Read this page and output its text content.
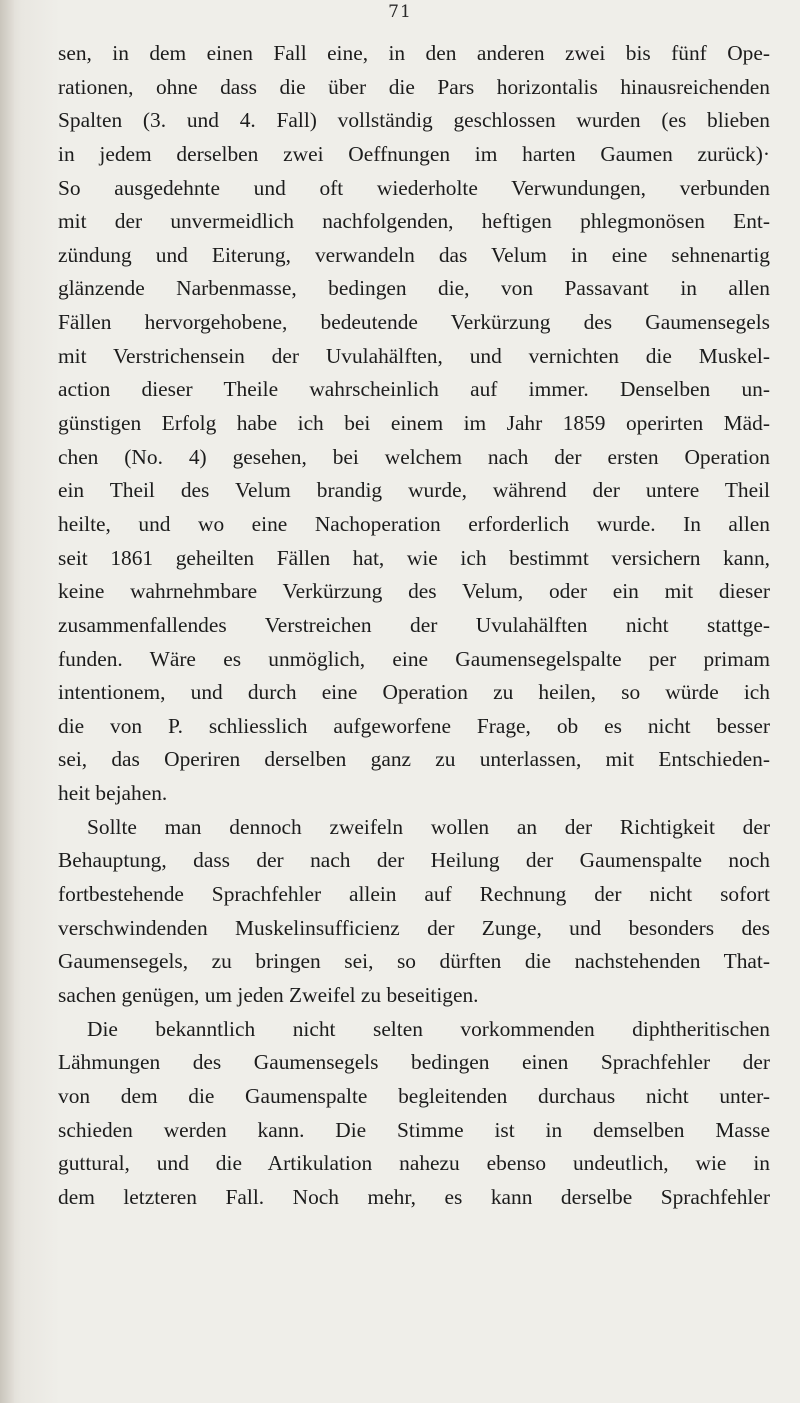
71
sen, in dem einen Fall eine, in den anderen zwei bis fünf Ope-
rationen, ohne dass die über die Pars horizontalis hinausreichenden
Spalten (3. und 4. Fall) vollständig geschlossen wurden (es blieben
in jedem derselben zwei Oeffnungen im harten Gaumen zurück)·
So ausgedehnte und oft wiederholte Verwundungen, verbunden
mit der unvermeidlich nachfolgenden, heftigen phlegmonösen Ent-
zündung und Eiterung, verwandeln das Velum in eine sehnenartig
glänzende Narbenmasse, bedingen die, von Passavant in allen
Fällen hervorgehobene, bedeutende Verkürzung des Gaumensegels
mit Verstrichensein der Uvulahälften, und vernichten die Muskel-
action dieser Theile wahrscheinlich auf immer. Denselben un-
günstigen Erfolg habe ich bei einem im Jahr 1859 operirten Mäd-
chen (No. 4) gesehen, bei welchem nach der ersten Operation
ein Theil des Velum brandig wurde, während der untere Theil
heilte, und wo eine Nachoperation erforderlich wurde. In allen
seit 1861 geheilten Fällen hat, wie ich bestimmt versichern kann,
keine wahrnehmbare Verkürzung des Velum, oder ein mit dieser
zusammenfallendes Verstreichen der Uvulahälften nicht stattge-
funden. Wäre es unmöglich, eine Gaumensegelspalte per primam
intentionem, und durch eine Operation zu heilen, so würde ich
die von P. schliesslich aufgeworfene Frage, ob es nicht besser
sei, das Operiren derselben ganz zu unterlassen, mit Entschieden-
heit bejahen.
Sollte man dennoch zweifeln wollen an der Richtigkeit der
Behauptung, dass der nach der Heilung der Gaumenspalte noch
fortbestehende Sprachfehler allein auf Rechnung der nicht sofort
verschwindenden Muskelinsufficienz der Zunge, und besonders des
Gaumensegels, zu bringen sei, so dürften die nachstehenden That-
sachen genügen, um jeden Zweifel zu beseitigen.
Die bekanntlich nicht selten vorkommenden diphtheritischen
Lähmungen des Gaumensegels bedingen einen Sprachfehler der
von dem die Gaumenspalte begleitenden durchaus nicht unter-
schieden werden kann. Die Stimme ist in demselben Masse
guttural, und die Artikulation nahezu ebenso undeutlich, wie in
dem letzteren Fall. Noch mehr, es kann derselbe Sprachfehler
